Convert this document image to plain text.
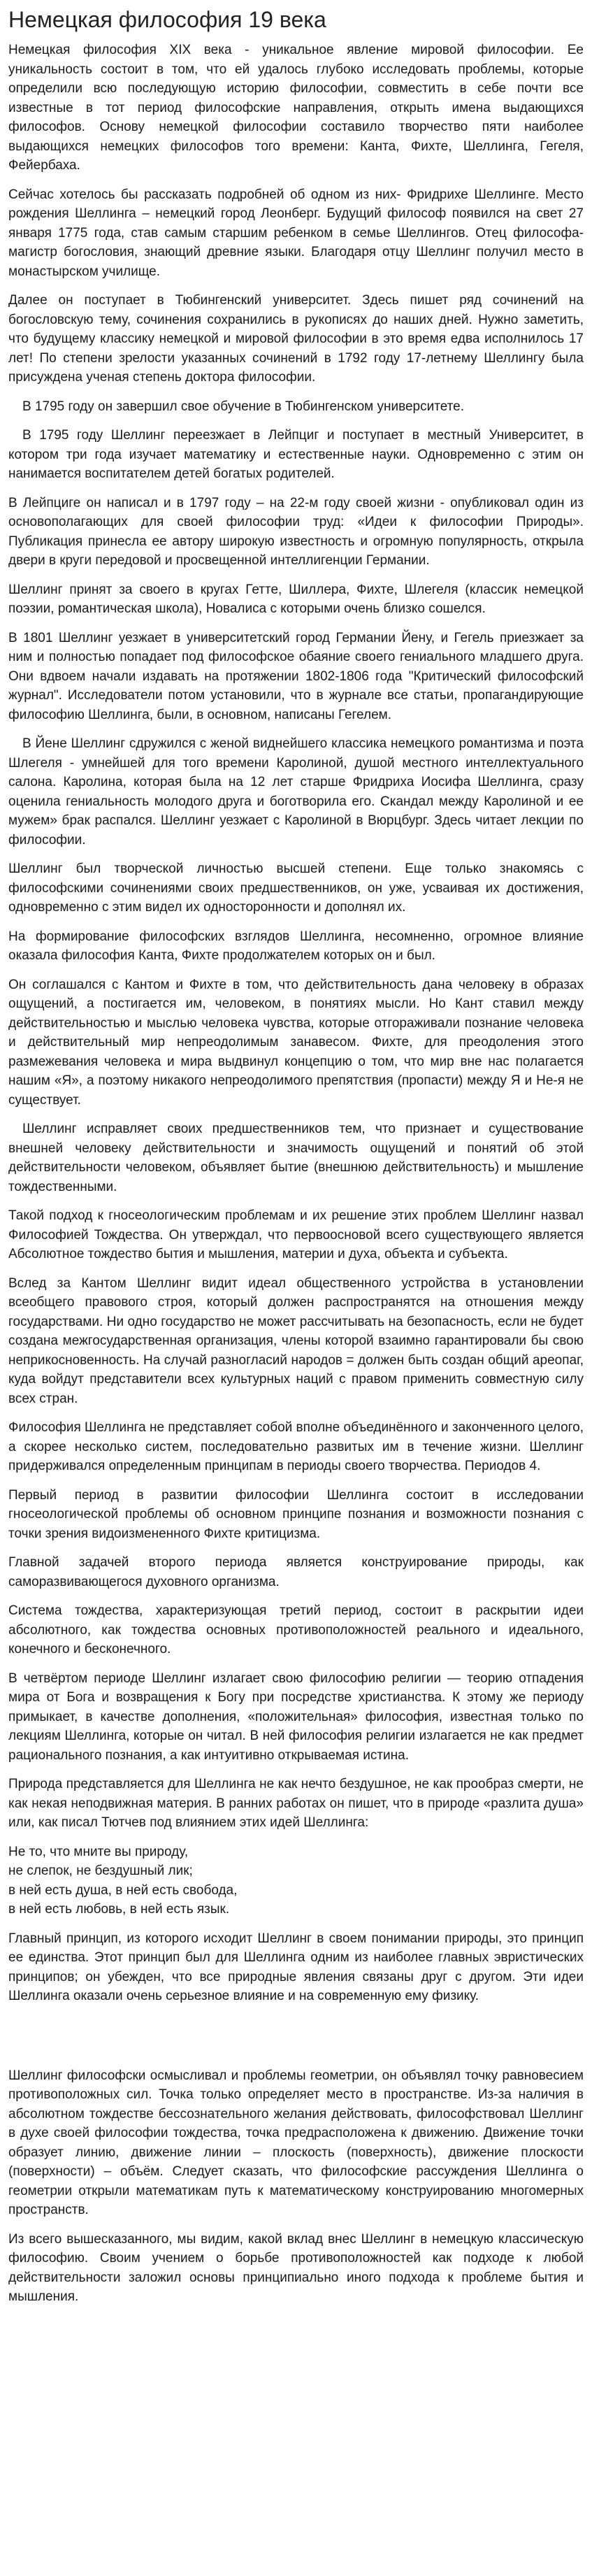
Немецкая философия 19 века

Немецкая философия XIX века - уникальное явление мировой философии. Ее уникальность состоит в том, что ей удалось глубоко исследовать проблемы, которые определили всю последующую историю философии, совместить в себе почти все известные в тот период философские направления, открыть имена выдающихся философов. Основу немецкой философии составило творчество пяти наиболее выдающихся немецких философов того времени: Канта, Фихте, Шеллинга, Гегеля, Фейербаха.

Сейчас хотелось бы рассказать подробней об одном из них- Фридрихе Шеллинге. Место рождения Шеллинга – немецкий город Леонберг. Будущий философ появился на свет 27 января 1775 года, став самым старшим ребенком в семье Шеллингов. Отец философа- магистр богословия, знающий древние языки. Благодаря отцу Шеллинг получил место в монастырском училище.

Далее он поступает в Тюбингенский университет. Здесь пишет ряд сочинений на богословскую тему, сочинения сохранились в рукописях до наших дней. Нужно заметить, что будущему классику немецкой и мировой философии в это время едва исполнилось 17 лет! По степени зрелости указанных сочинений в 1792 году 17-летнему Шеллингу была присуждена ученая степень доктора философии.

В 1795 году он завершил свое обучение в Тюбингенском университете.

В 1795 году Шеллинг переезжает в Лейпциг и поступает в местный Университет, в котором три года изучает математику и естественные науки. Одновременно с этим он нанимается воспитателем детей богатых родителей.

В Лейпциге он написал и в 1797 году – на 22-м году своей жизни - опубликовал один из основополагающих для своей философии труд: «Идеи к философии Природы». Публикация принесла ее автору широкую известность и огромную популярность, открыла двери в круги передовой и просвещенной интеллигенции Германии.

Шеллинг принят за своего в кругах Гетте, Шиллера, Фихте, Шлегеля (классик немецкой поэзии, романтическая школа), Новалиса с которыми очень близко сошелся.

В 1801 Шеллинг уезжает в университетский город Германии Йену, и Гегель приезжает за ним и полностью попадает под философское обаяние своего гениального младшего друга. Они вдвоем начали издавать на протяжении 1802-1806 года "Критический философский журнал". Исследователи потом установили, что в журнале все статьи, пропагандирующие философию Шеллинга, были, в основном, написаны Гегелем.

В Йене Шеллинг сдружился с женой виднейшего классика немецкого романтизма и поэта Шлегеля - умнейшей для того времени Каролиной, душой местного интеллектуального салона. Каролина, которая была на 12 лет старше Фридриха Иосифа Шеллинга, сразу оценила гениальность молодого друга и боготворила его. Скандал между Каролиной и ее мужем» брак распался. Шеллинг уезжает с Каролиной в Вюрцбург. Здесь читает лекции по философии.

Шеллинг был творческой личностью высшей степени. Еще только знакомясь с философскими сочинениями своих предшественников, он уже, усваивая их достижения, одновременно с этим видел их односторонности и дополнял их.

На формирование философских взглядов Шеллинга, несомненно, огромное влияние оказала философия Канта, Фихте продолжателем которых он и был.

Он соглашался с Кантом и Фихте в том, что действительность дана человеку в образах ощущений, а постигается им, человеком, в понятиях мысли. Но Кант ставил между действительностью и мыслью человека чувства, которые отгораживали познание человека и действительный мир непреодолимым занавесом. Фихте, для преодоления этого размежевания человека и мира выдвинул концепцию о том, что мир вне нас полагается нашим «Я», а поэтому никакого непреодолимого препятствия (пропасти) между Я и Не-я не существует.

Шеллинг исправляет своих предшественников тем, что признает и существование внешней человеку действительности и значимость ощущений и понятий об этой действительности человеком, объявляет бытие (внешнюю действительность) и мышление тождественными.

Такой подход к гносеологическим проблемам и их решение этих проблем Шеллинг назвал Философией Тождества. Он утверждал, что первоосновой всего существующего является Абсолютное тождество бытия и мышления, материи и духа, объекта и субъекта.

Вслед за Кантом Шеллинг видит идеал общественного устройства в установлении всеобщего правового строя, который должен распространятся на отношения между государствами. Ни одно государство не может рассчитывать на безопасность, если не будет создана межгосударственная организация, члены которой взаимно гарантировали бы свою неприкосновенность. На случай разногласий народов = должен быть создан общий ареопаг, куда войдут представители всех культурных наций с правом применить совместную силу всех стран.

Философия Шеллинга не представляет собой вполне объединённого и законченного целого, а скорее несколько систем, последовательно развитых им в течение жизни. Шеллинг придерживался определенным принципам в периоды своего творчества. Периодов 4.

Первый период в развитии философии Шеллинга состоит в исследовании гносеологической проблемы об основном принципе познания и возможности познания с точки зрения видоизмененного Фихте критицизма.

Главной задачей второго периода является конструирование природы, как саморазвивающегося духовного организма.

Система тождества, характеризующая третий период, состоит в раскрытии идеи абсолютного, как тождества основных противоположностей реального и идеального, конечного и бесконечного.

В четвёртом периоде Шеллинг излагает свою философию религии — теорию отпадения мира от Бога и возвращения к Богу при посредстве христианства. К этому же периоду примыкает, в качестве дополнения, «положительная» философия, известная только по лекциям Шеллинга, которые он читал. В ней философия религии излагается не как предмет рационального познания, а как интуитивно открываемая истина.

Природа представляется для Шеллинга не как нечто бездушное, не как прообраз смерти, не как некая неподвижная материя. В ранних работах он пишет, что в природе «разлита душа» или, как писал Тютчев под влиянием этих идей Шеллинга:

Не то, что мните вы природу,
не слепок, не бездушный лик;
в ней есть душа, в ней есть свобода,
в ней есть любовь, в ней есть язык.

Главный принцип, из которого исходит Шеллинг в своем понимании природы, это принцип ее единства. Этот принцип был для Шеллинга одним из наиболее главных эвристических принципов; он убежден, что все природные явления связаны друг с другом. Эти идеи Шеллинга оказали очень серьезное влияние и на современную ему физику.

Шеллинг философски осмысливал и проблемы геометрии, он объявлял точку равновесием противоположных сил. Точка только определяет место в пространстве. Из-за наличия в абсолютном тождестве бессознательного желания действовать, философствовал Шеллинг в духе своей философии тождества, точка предрасположена к движению. Движение точки образует линию, движение линии – плоскость (поверхность), движение плоскости (поверхности) – объём. Следует сказать, что философские рассуждения Шеллинга о геометрии открыли математикам путь к математическому конструированию многомерных пространств.

Из всего вышесказанного, мы видим, какой вклад внес Шеллинг в немецкую классическую философию. Своим учением о борьбе противоположностей как подходе к любой действительности заложил основы принципиально иного подхода к проблеме бытия и мышления.
